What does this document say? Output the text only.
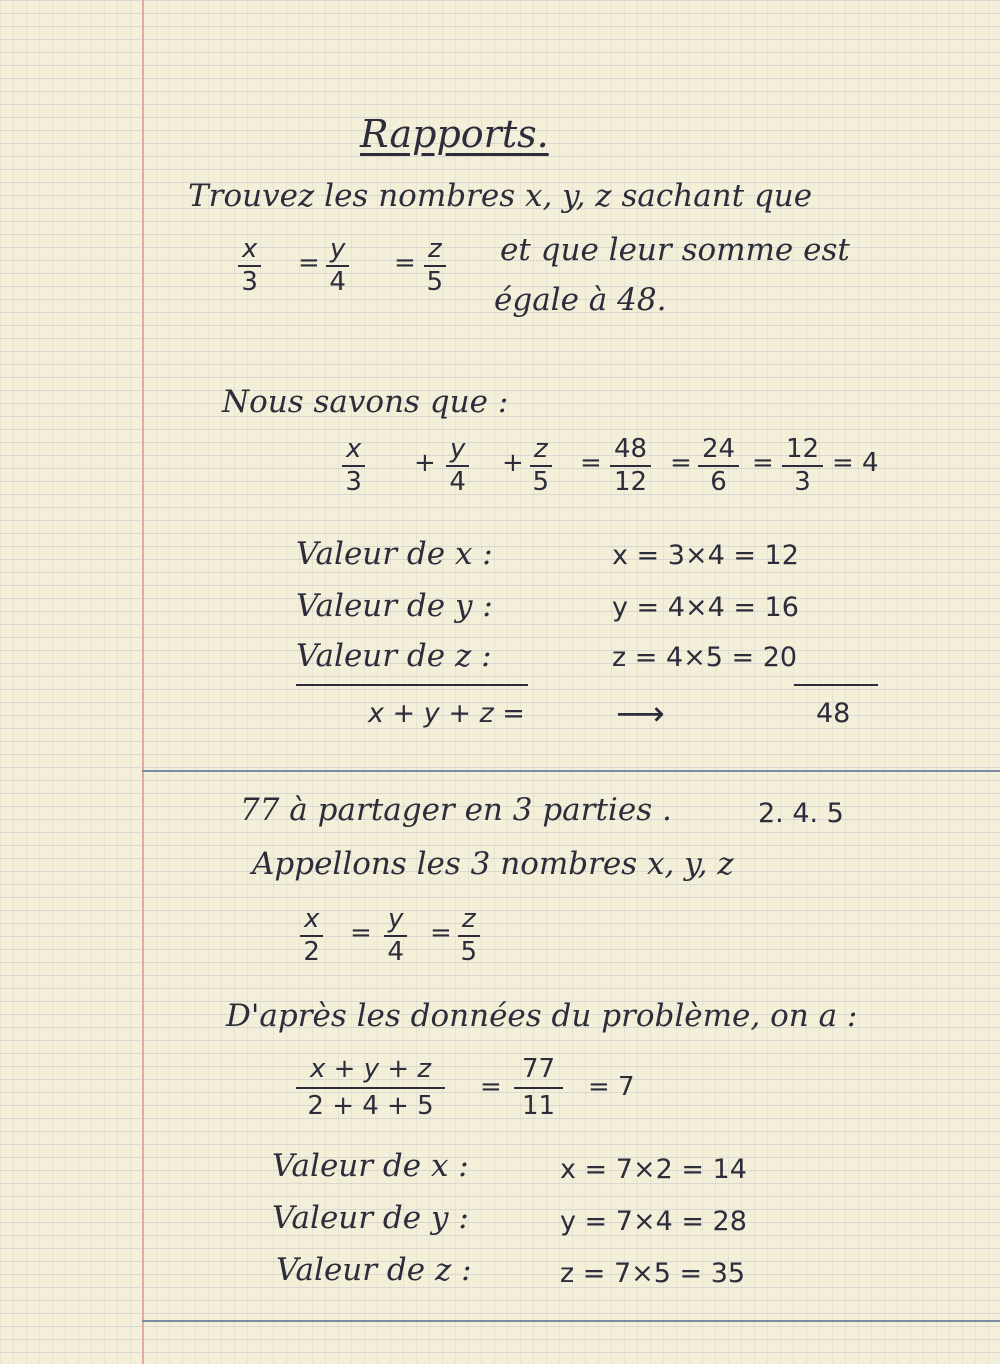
Rapports.
Trouvez les nombres x, y, z sachant que
$\frac{x}{3} = \frac{y}{4} = \frac{z}{5}$ et que leur somme est
égale à 48.
Nous savons que :
$\frac{x}{3} + \frac{y}{4} + \frac{z}{5} = \frac{48}{12} = \frac{24}{6} = \frac{12}{3} = 4$
Valeur de x :	x = 3×4 = 12
Valeur de y :	y = 4×4 = 16
Valeur de z :	z = 4×5 = 20
x + y + z =	⟶	48
77 à partager en 3 parties .	2. 4. 5
Appellons les 3 nombres x, y, z
$\frac{x}{2} = \frac{y}{4} = \frac{z}{5}$
D'après les données du problème, on a :
$\frac{x + y + z}{2 + 4 + 5} = \frac{77}{11} = 7$
Valeur de x :	x = 7×2 = 14
Valeur de y :	y = 7×4 = 28
Valeur de z :	z = 7×5 = 35
